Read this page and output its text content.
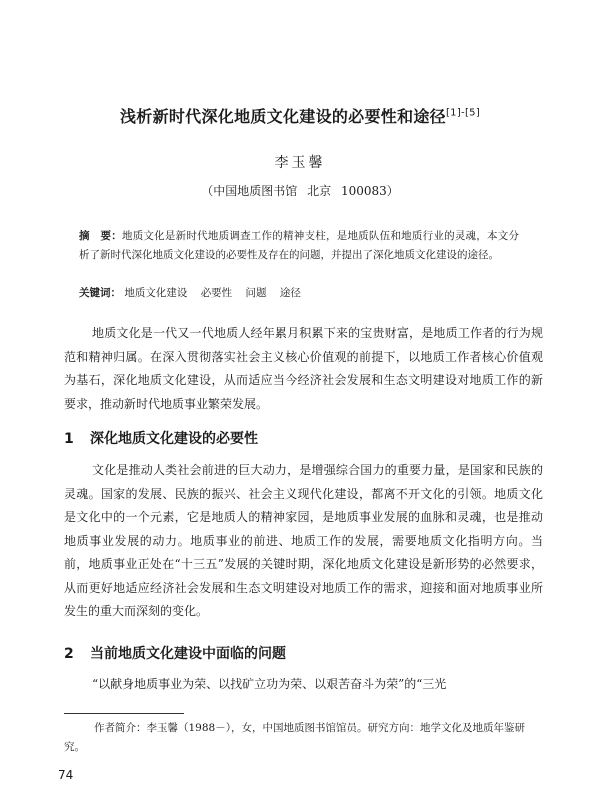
浅析新时代深化地质文化建设的必要性和途径[1]-[5]
李玉馨
（中国地质图书馆 北京 100083）
摘　要：地质文化是新时代地质调查工作的精神支柱，是地质队伍和地质行业的灵魂，本文分析了新时代深化地质文化建设的必要性及存在的问题，并提出了深化地质文化建设的途径。
关键词： 地质文化建设 必要性 问题 途径

地质文化是一代又一代地质人经年累月积累下来的宝贵财富，是地质工作者的行为规范和精神归属。在深入贯彻落实社会主义核心价值观的前提下，以地质工作者核心价值观为基石，深化地质文化建设，从而适应当今经济社会发展和生态文明建设对地质工作的新要求，推动新时代地质事业繁荣发展。

1 深化地质文化建设的必要性

文化是推动人类社会前进的巨大动力，是增强综合国力的重要力量，是国家和民族的灵魂。国家的发展、民族的振兴、社会主义现代化建设，都离不开文化的引领。地质文化是文化中的一个元素，它是地质人的精神家园，是地质事业发展的血脉和灵魂，也是推动地质事业发展的动力。地质事业的前进、地质工作的发展，需要地质文化指明方向。当前，地质事业正处在“十三五”发展的关键时期，深化地质文化建设是新形势的必然要求，从而更好地适应经济社会发展和生态文明建设对地质工作的需求，迎接和面对地质事业所发生的重大而深刻的变化。

2 当前地质文化建设中面临的问题

“以献身地质事业为荣、以找矿立功为荣、以艰苦奋斗为荣”的“三光

作者简介：李玉馨（1988－），女，中国地质图书馆馆员。研究方向：地学文化及地质年鉴研究。
74
